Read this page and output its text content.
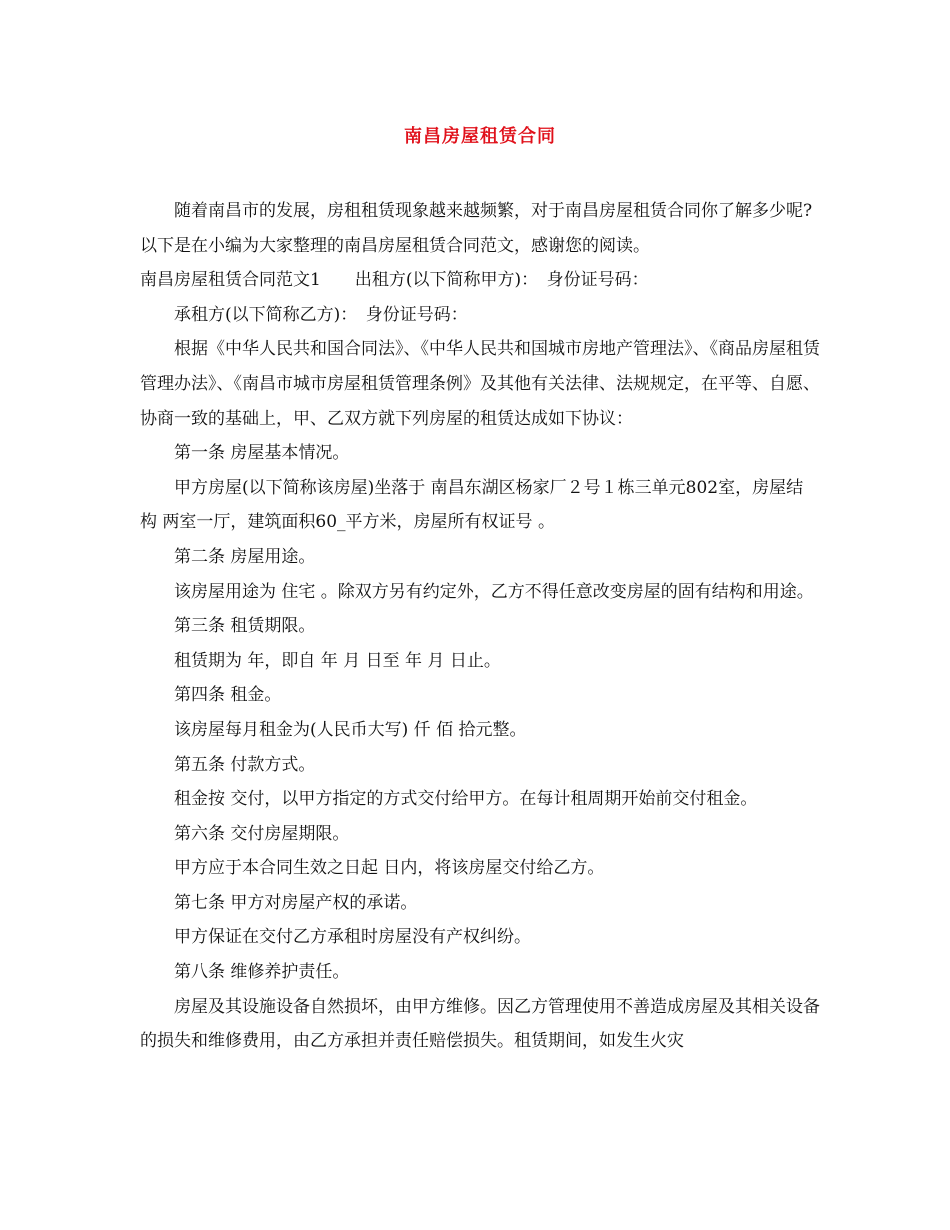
南昌房屋租赁合同

随着南昌市的发展，房租租赁现象越来越频繁，对于南昌房屋租赁合同你了解多少呢?以下是在小编为大家整理的南昌房屋租赁合同范文，感谢您的阅读。

南昌房屋租赁合同范文1　　出租方(以下简称甲方)：　身份证号码：

承租方(以下简称乙方)：　身份证号码：

根据《中华人民共和国合同法》、《中华人民共和国城市房地产管理法》、《商品房屋租赁管理办法》、《南昌市城市房屋租赁管理条例》及其他有关法律、法规规定，在平等、自愿、协商一致的基础上，甲、乙双方就下列房屋的租赁达成如下协议：

第一条 房屋基本情况。

甲方房屋(以下简称该房屋)坐落于 南昌东湖区杨家厂２号１栋三单元802室，房屋结构 两室一厅，建筑面积60_平方米，房屋所有权证号 。

第二条 房屋用途。

该房屋用途为 住宅 。除双方另有约定外，乙方不得任意改变房屋的固有结构和用途。

第三条 租赁期限。

租赁期为 年，即自 年 月 日至 年 月 日止。

第四条 租金。

该房屋每月租金为(人民币大写) 仟 佰 拾元整。

第五条 付款方式。

租金按 交付，以甲方指定的方式交付给甲方。在每计租周期开始前交付租金。

第六条 交付房屋期限。

甲方应于本合同生效之日起 日内，将该房屋交付给乙方。

第七条 甲方对房屋产权的承诺。

甲方保证在交付乙方承租时房屋没有产权纠纷。

第八条 维修养护责任。

房屋及其设施设备自然损坏，由甲方维修。因乙方管理使用不善造成房屋及其相关设备的损失和维修费用，由乙方承担并责任赔偿损失。租赁期间，如发生火灾
